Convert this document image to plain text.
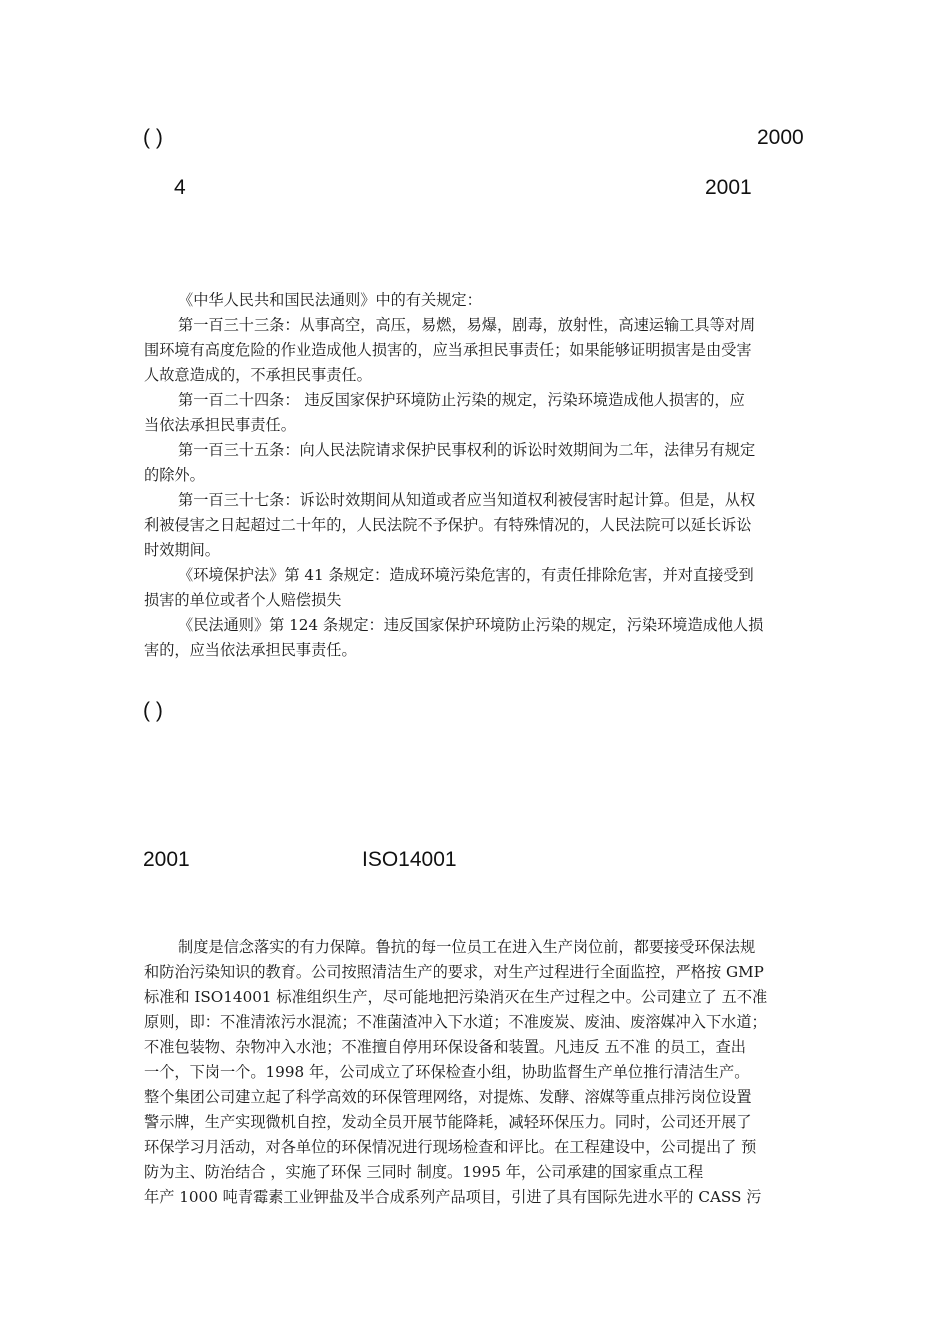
( )	2000
4	2001

《中华人民共和国民法通则》中的有关规定：

第一百三十三条：从事高空，高压，易燃，易爆，剧毒，放射性，高速运输工具等对周

围环境有高度危险的作业造成他人损害的，应当承担民事责任；如果能够证明损害是由受害

人故意造成的，不承担民事责任。

第一百二十四条： 违反国家保护环境防止污染的规定，污染环境造成他人损害的，应

当依法承担民事责任。

第一百三十五条：向人民法院请求保护民事权利的诉讼时效期间为二年，法律另有规定

的除外。

第一百三十七条：诉讼时效期间从知道或者应当知道权利被侵害时起计算。但是，从权

利被侵害之日起超过二十年的，人民法院不予保护。有特殊情况的，人民法院可以延长诉讼

时效期间。

《环境保护法》第 41 条规定：造成环境污染危害的，有责任排除危害，并对直接受到

损害的单位或者个人赔偿损失

《民法通则》第 124 条规定：违反国家保护环境防止污染的规定，污染环境造成他人损

害的，应当依法承担民事责任。

( )
2001	ISO14001

制度是信念落实的有力保障。鲁抗的每一位员工在进入生产岗位前，都要接受环保法规

和防治污染知识的教育。公司按照清洁生产的要求，对生产过程进行全面监控，严格按 GMP

标准和 ISO14001 标准组织生产，尽可能地把污染消灭在生产过程之中。公司建立了 五不准

原则，即：不准清浓污水混流；不准菌渣冲入下水道；不准废炭、废油、废溶媒冲入下水道；

不准包装物、杂物冲入水池；不准擅自停用环保设备和装置。凡违反 五不准 的员工，查出

一个，下岗一个。1998 年，公司成立了环保检查小组，协助监督生产单位推行清洁生产。

整个集团公司建立起了科学高效的环保管理网络，对提炼、发酵、溶媒等重点排污岗位设置

警示牌，生产实现微机自控，发动全员开展节能降耗，减轻环保压力。同时，公司还开展了

环保学习月活动，对各单位的环保情况进行现场检查和评比。在工程建设中，公司提出了 预

防为主、防治结合 ，实施了环保 三同时 制度。1995 年，公司承建的国家重点工程

年产 1000 吨青霉素工业钾盐及半合成系列产品项目，引进了具有国际先进水平的 CASS 污
